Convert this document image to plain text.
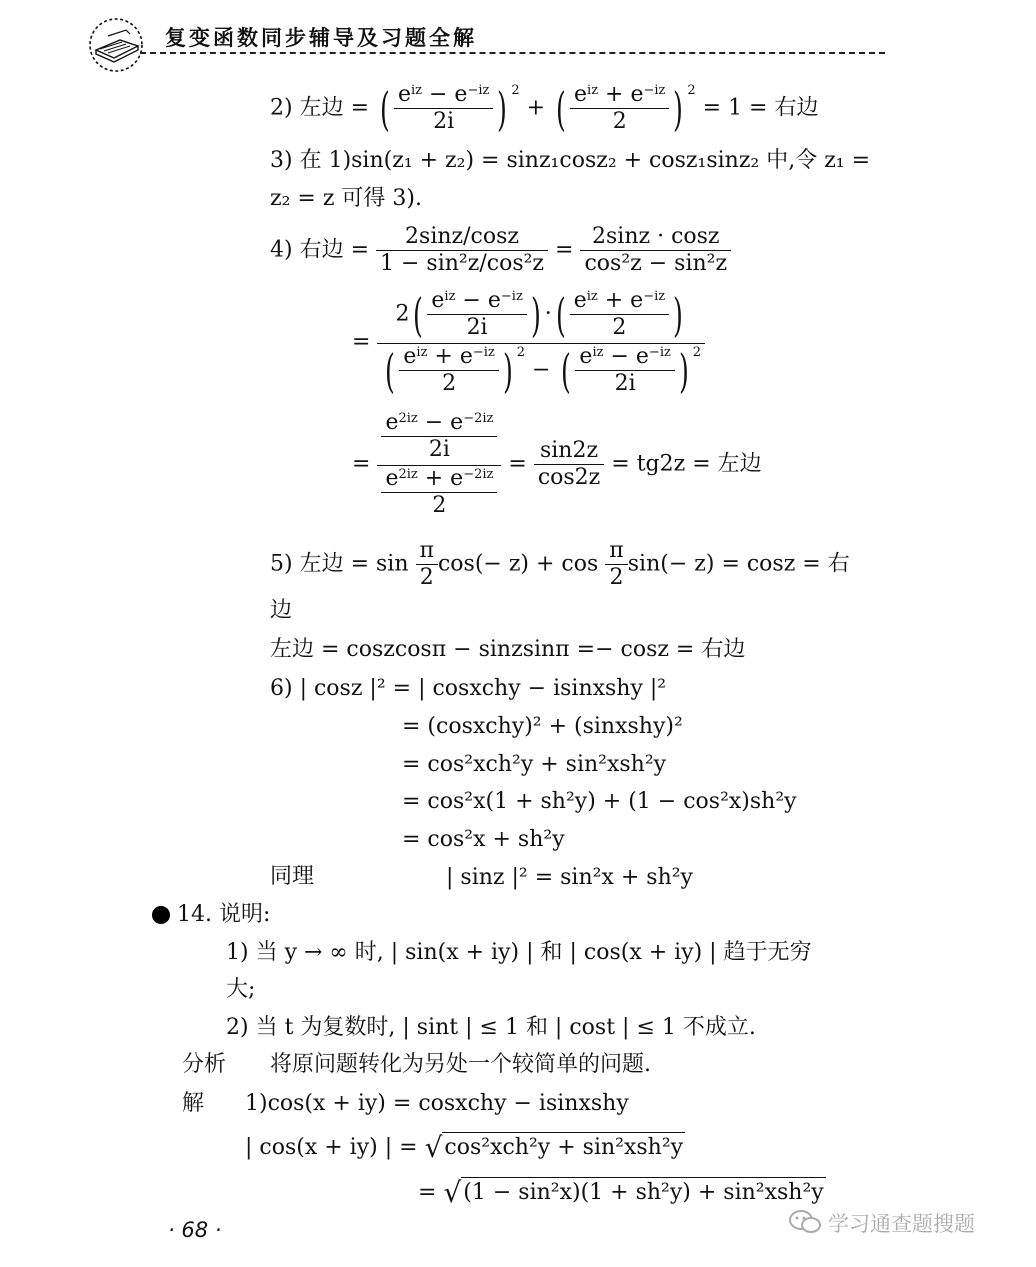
复变函数同步辅导及习题全解
2) 左边 = ( $\frac{e^{iz} - e^{-iz}}{2i}$ ) $^2$ + ( $\frac{e^{iz} + e^{-iz}}{2}$ ) $^2$ = 1 = 右边
3) 在 1)sin(z₁ + z₂) = sinz₁cosz₂ + cosz₁sinz₂ 中,令 z₁ =
z₂ = z 可得 3).
4) 右边 = $\frac{2\sin z/\cos z}{\text{1 − sin²z/cos²z}} = \frac{2\sin z \cdot \cos z}{\text{cos²z − sin²z}}$
= $\frac{2( \frac{e^{iz} - e^{-iz}}{2i} ) \cdot( \frac{e^{iz} + e^{-iz}}{2} )}{( \frac{e^{iz} + e^{-iz}}{2} ) ^2 - ( \frac{e^{iz} - e^{-iz}}{2i} ) ^2}$
= $\frac{\frac{e^{2iz} - e^{-2iz}}{2i}}{\frac{e^{2iz} + e^{-2iz}}{2}} = \frac{\sin 2z}{\cos 2z} = tg2z$ = 左边
5) 左边 = $\sin \frac{\pi}{2} \cos(- z) + \cos \frac{\pi}{2} \sin(- z) = \cos z$ = 右
边
左边 = coszcosπ − sinzsinπ =− cosz = 右边
6) | cosz |² = | cosxchy − isinxshy |²
= (cosxchy)² + (sinxshy)²
= cos²xch²y + sin²xsh²y
= cos²x(1 + sh²y) + (1 − cos²x)sh²y
= cos²x + sh²y
同理	| sinz |² = sin²x + sh²y
14. 说明:
1) 当 y → ∞ 时, | sin(x + iy) | 和 | cos(x + iy) | 趋于无穷
大;
2) 当 t 为复数时, | sint | ≤ 1 和 | cost | ≤ 1 不成立.
分析 将原问题转化为另处一个较简单的问题.
解 1)cos(x + iy) = cosxchy − isinxshy
| cos(x + iy) | = √cos²xch²y + sin²xsh²y
= √(1 − sin²x)(1 + sh²y) + sin²xsh²y
· 68 ·	学习通查题搜题
